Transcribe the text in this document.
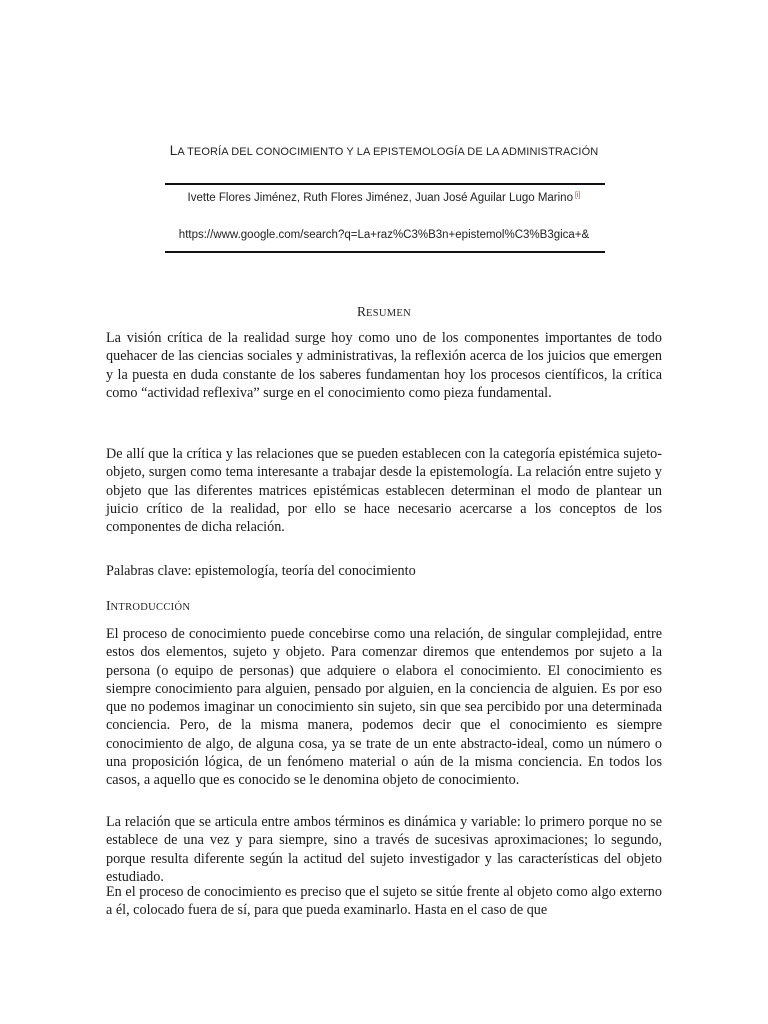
LA TEORÍA DEL CONOCIMIENTO Y LA EPISTEMOLOGÍA DE LA ADMINISTRACIÓN
Ivette Flores Jiménez, Ruth Flores Jiménez, Juan José Aguilar Lugo Marino [i]
https://www.google.com/search?q=La+raz%C3%B3n+epistemol%C3%B3gica+&
RESUMEN

La visión crítica de la realidad surge hoy como uno de los componentes importantes de todo quehacer de las ciencias sociales y administrativas, la reflexión acerca de los juicios que emergen y la puesta en duda constante de los saberes fundamentan hoy los procesos científicos, la crítica como “actividad reflexiva” surge en el conocimiento como pieza fundamental.

De allí que la crítica y las relaciones que se pueden establecen con la categoría epistémica sujeto-objeto, surgen como tema interesante a trabajar desde la epistemología. La relación entre sujeto y objeto que las diferentes matrices epistémicas establecen determinan el modo de plantear un juicio crítico de la realidad, por ello se hace necesario acercarse a los conceptos de los componentes de dicha relación.

Palabras clave: epistemología, teoría del conocimiento
INTRODUCCIÓN

El proceso de conocimiento puede concebirse como una relación, de singular complejidad, entre estos dos elementos, sujeto y objeto. Para comenzar diremos que entendemos por sujeto a la persona (o equipo de personas) que adquiere o elabora el conocimiento. El conocimiento es siempre conocimiento para alguien, pensado por alguien, en la conciencia de alguien. Es por eso que no podemos imaginar un conocimiento sin sujeto, sin que sea percibido por una determinada conciencia. Pero, de la misma manera, podemos decir que el conocimiento es siempre conocimiento de algo, de alguna cosa, ya se trate de un ente abstracto-ideal, como un número o una proposición lógica, de un fenómeno material o aún de la misma conciencia. En todos los casos, a aquello que es conocido se le denomina objeto de conocimiento.

La relación que se articula entre ambos términos es dinámica y variable: lo primero porque no se establece de una vez y para siempre, sino a través de sucesivas aproximaciones; lo segundo, porque resulta diferente según la actitud del sujeto investigador y las características del objeto estudiado.

En el proceso de conocimiento es preciso que el sujeto se sitúe frente al objeto como algo externo a él, colocado fuera de sí, para que pueda examinarlo. Hasta en el caso de que
